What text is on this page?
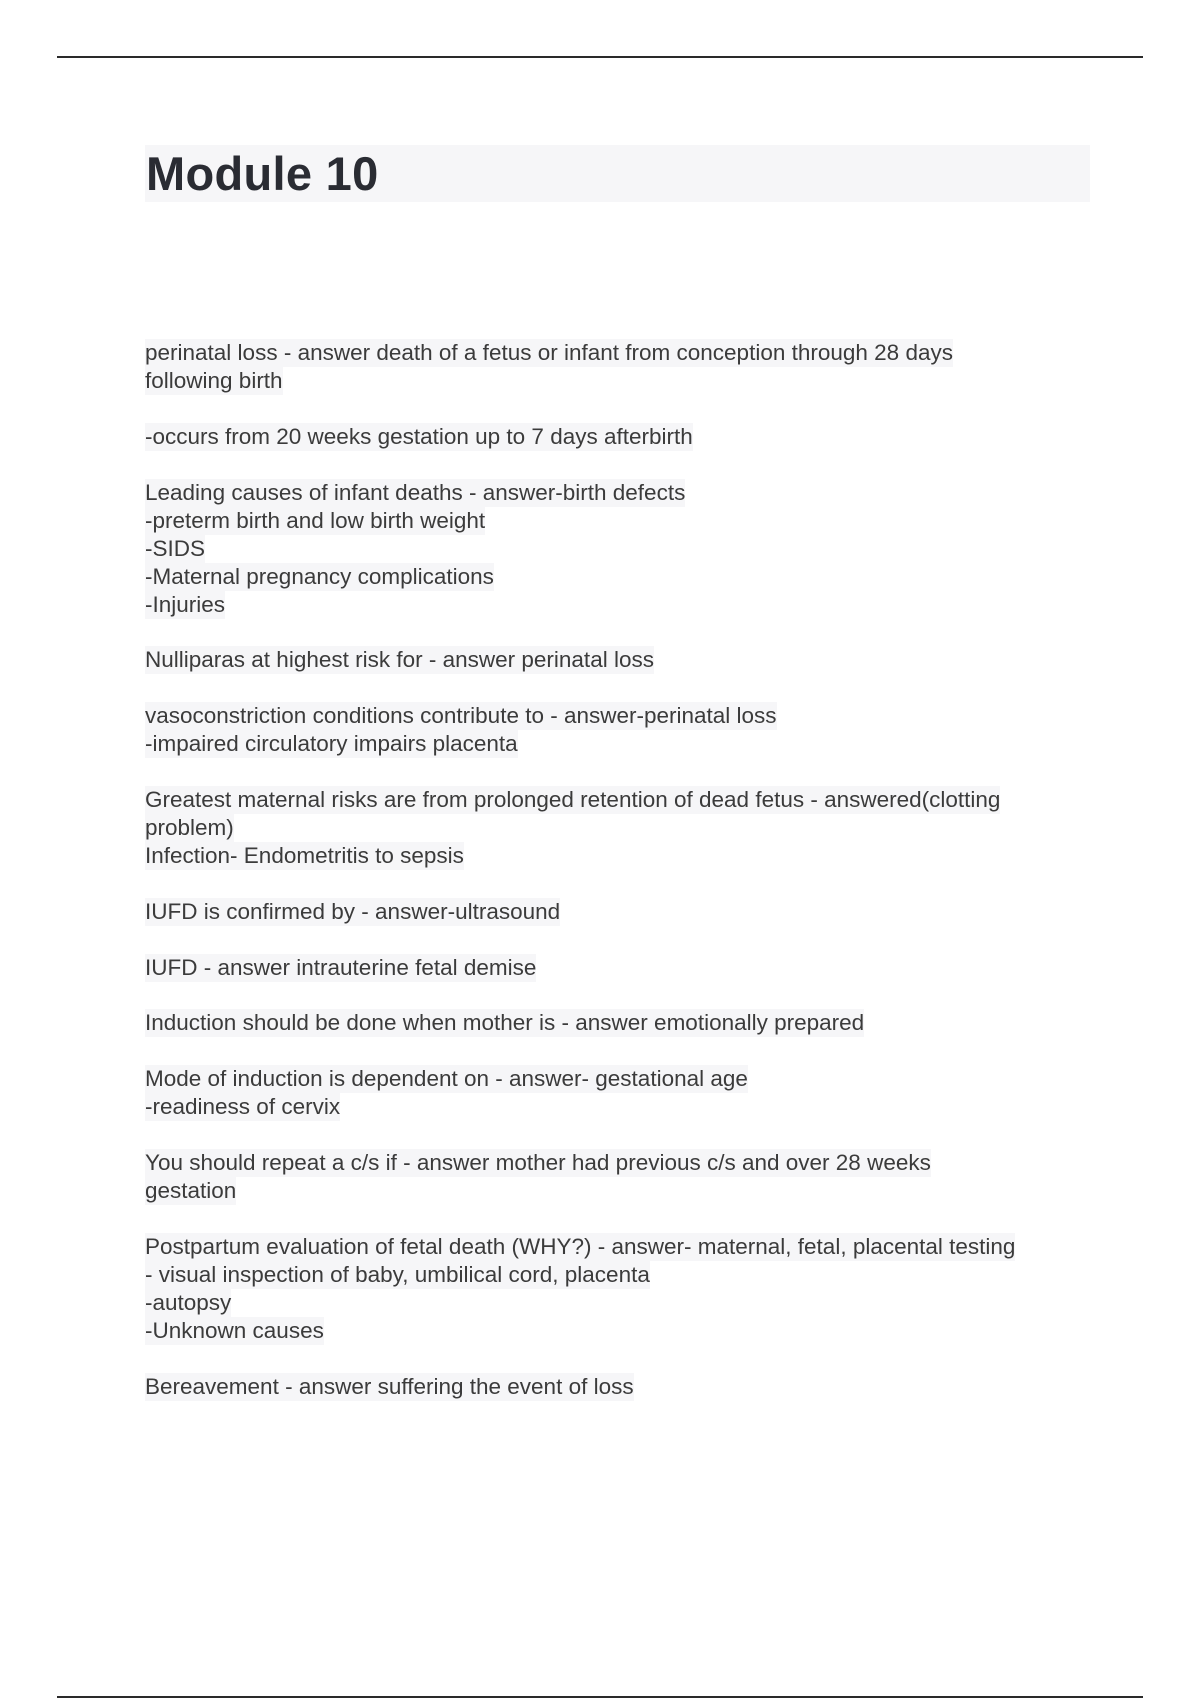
Module 10
perinatal loss - answer death of a fetus or infant from conception through 28 days
following birth
-occurs from 20 weeks gestation up to 7 days afterbirth
Leading causes of infant deaths - answer-birth defects
-preterm birth and low birth weight
-SIDS
-Maternal pregnancy complications
-Injuries
Nulliparas at highest risk for - answer perinatal loss
vasoconstriction conditions contribute to - answer-perinatal loss
-impaired circulatory impairs placenta
Greatest maternal risks are from prolonged retention of dead fetus - answered(clotting
problem)
Infection- Endometritis to sepsis
IUFD is confirmed by - answer-ultrasound
IUFD - answer intrauterine fetal demise
Induction should be done when mother is - answer emotionally prepared
Mode of induction is dependent on - answer- gestational age
-readiness of cervix
You should repeat a c/s if - answer mother had previous c/s and over 28 weeks
gestation
Postpartum evaluation of fetal death (WHY?) - answer- maternal, fetal, placental testing
- visual inspection of baby, umbilical cord, placenta
-autopsy
-Unknown causes
Bereavement - answer suffering the event of loss
